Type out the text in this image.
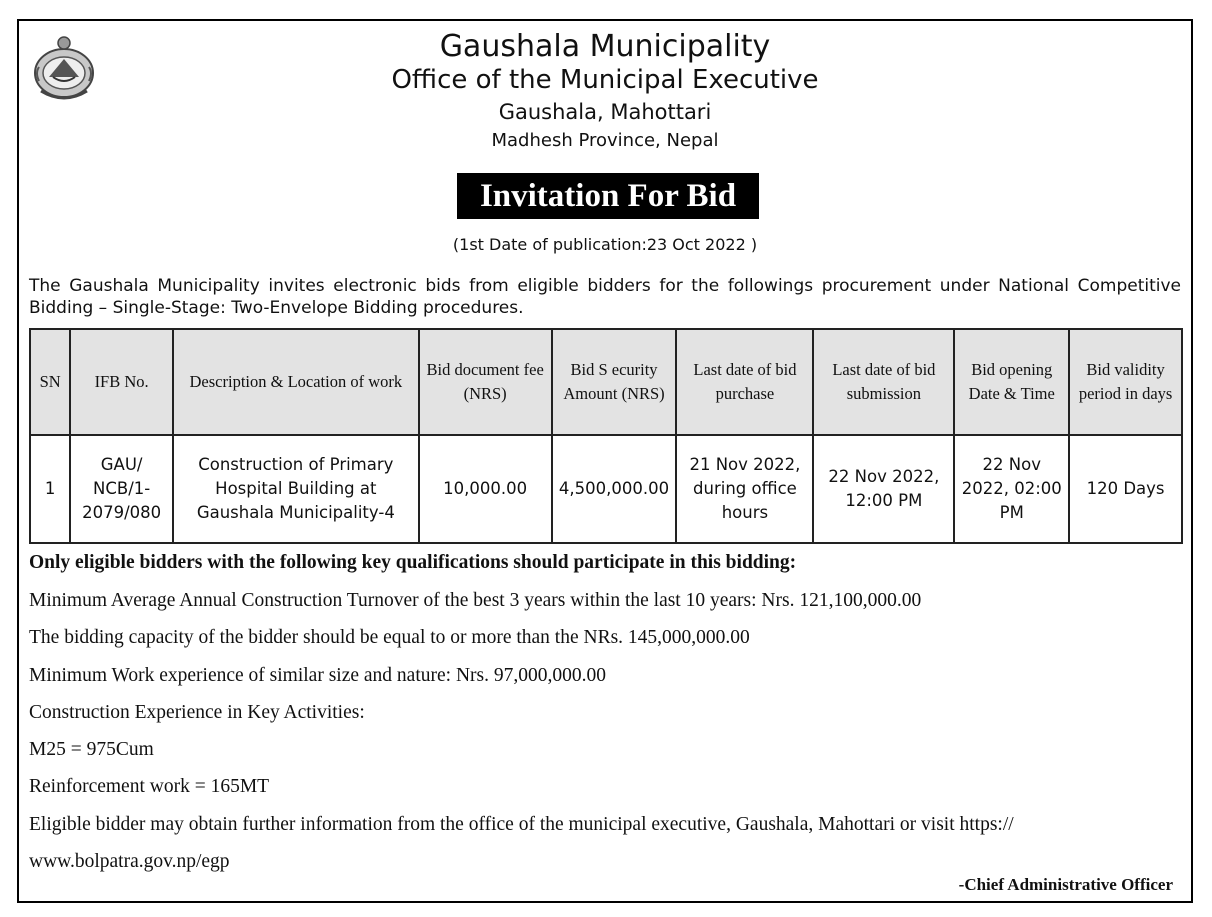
Gaushala Municipality
Office of the Municipal Executive
Gaushala, Mahottari
Madhesh Province, Nepal
Invitation For Bid
(1st Date of publication:23 Oct 2022 )
The Gaushala Municipality invites electronic bids from eligible bidders for the followings procurement under National Competitive Bidding – Single-Stage: Two-Envelope Bidding procedures.
SN	IFB No.	Description & Location of work	Bid document fee (NRS)	Bid S ecurity Amount (NRS)	Last date of bid purchase	Last date of bid submission	Bid opening Date & Time	Bid validity period in days
1	GAU/ NCB/1- 2079/080	Construction of Primary Hospital Building at Gaushala Municipality-4	10,000.00	4,500,000.00	21 Nov 2022, during office hours	22 Nov 2022, 12:00 PM	22 Nov 2022, 02:00 PM	120 Days
Only eligible bidders with the following key qualifications should participate in this bidding:
Minimum Average Annual Construction Turnover of the best 3 years within the last 10 years: Nrs. 121,100,000.00
The bidding capacity of the bidder should be equal to or more than the NRs. 145,000,000.00
Minimum Work experience of similar size and nature: Nrs. 97,000,000.00
Construction Experience in Key Activities:
M25 = 975Cum
Reinforcement work = 165MT
Eligible bidder may obtain further information from the office of the municipal executive, Gaushala, Mahottari or visit https://
www.bolpatra.gov.np/egp
-Chief Administrative Officer
